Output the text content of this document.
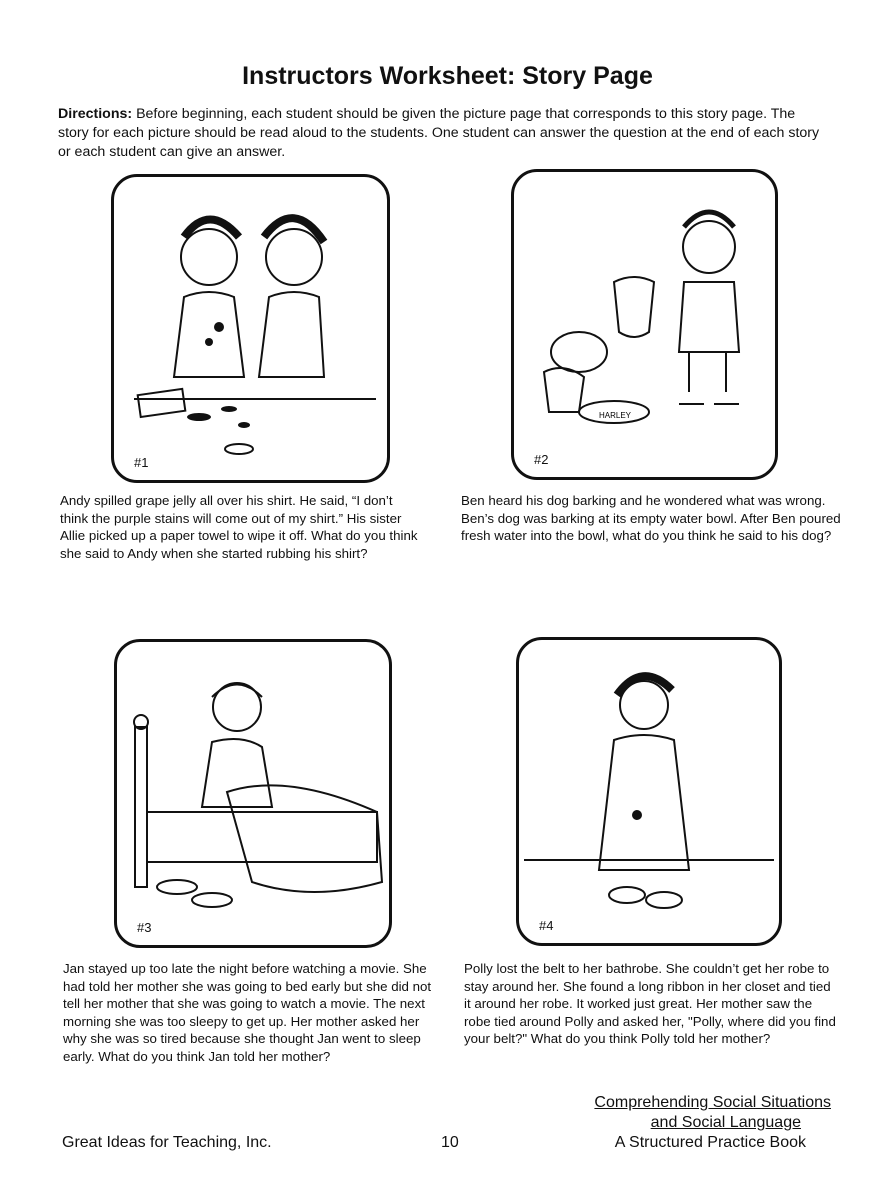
Instructors Worksheet: Story Page
Directions: Before beginning, each student should be given the picture page that corresponds to this story page. The story for each picture should be read aloud to the students. One student can answer the question at the end of each story or each student can give an answer.
#1
HARLEY
#2
#3	#4
Andy spilled grape jelly all over his shirt. He said, “I don’t think the purple stains will come out of my shirt.” His sister Allie picked up a paper towel to wipe it off. What do you think she said to Andy when she started rubbing his shirt?
Ben heard his dog barking and he wondered what was wrong. Ben’s dog was barking at its empty water bowl. After Ben poured fresh water into the bowl, what do you think he said to his dog?
Jan stayed up too late the night before watching a movie. She had told her mother she was going to bed early but she did not tell her mother that she was going to watch a movie. The next morning she was too sleepy to get up. Her mother asked her why she was so tired because she thought Jan went to sleep early. What do you think Jan told her mother?
Polly lost the belt to her bathrobe. She couldn’t get her robe to stay around her. She found a long ribbon in her closet and tied it around her robe. It worked just great. Her mother saw the robe tied around Polly and asked her, "Polly, where did you find your belt?" What do you think Polly told her mother?
Great Ideas for Teaching, Inc.	10
Comprehending Social Situations
and Social Language
A Structured Practice Book
